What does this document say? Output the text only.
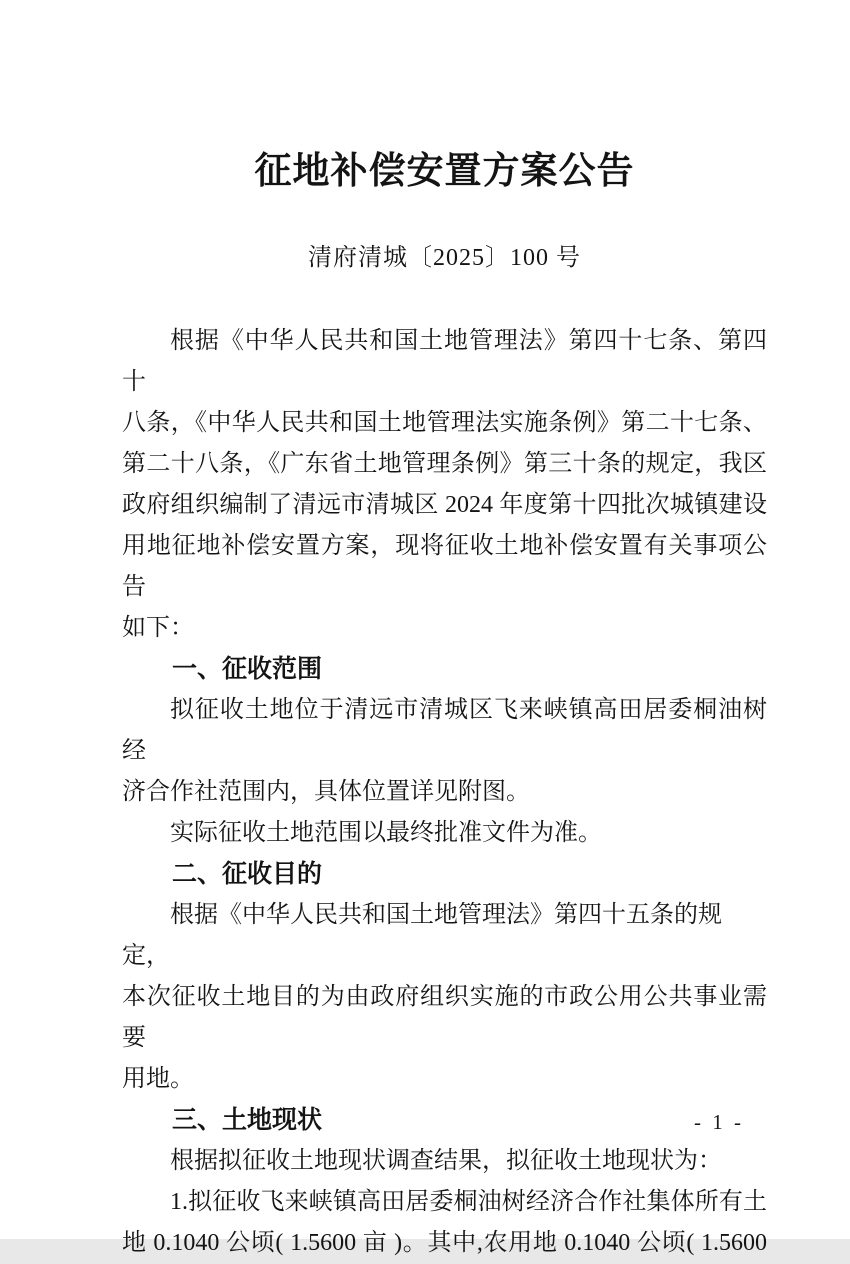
征地补偿安置方案公告
清府清城〔2025〕100 号
根据《中华人民共和国土地管理法》第四十七条、第四十
八条，《中华人民共和国土地管理法实施条例》第二十七条、
第二十八条，《广东省土地管理条例》第三十条的规定，我区
政府组织编制了清远市清城区 2024 年度第十四批次城镇建设
用地征地补偿安置方案，现将征收土地补偿安置有关事项公告
如下：
一、征收范围
拟征收土地位于清远市清城区飞来峡镇高田居委桐油树经
济合作社范围内，具体位置详见附图。
实际征收土地范围以最终批准文件为准。
二、征收目的
根据《中华人民共和国土地管理法》第四十五条的规定，
本次征收土地目的为由政府组织实施的市政公用公共事业需要
用地。
三、土地现状
根据拟征收土地现状调查结果，拟征收土地现状为：
1.拟征收飞来峡镇高田居委桐油树经济合作社集体所有土
地 0.1040 公顷( 1.5600 亩 )。其中,农用地 0.1040 公顷( 1.5600
- 1 -
